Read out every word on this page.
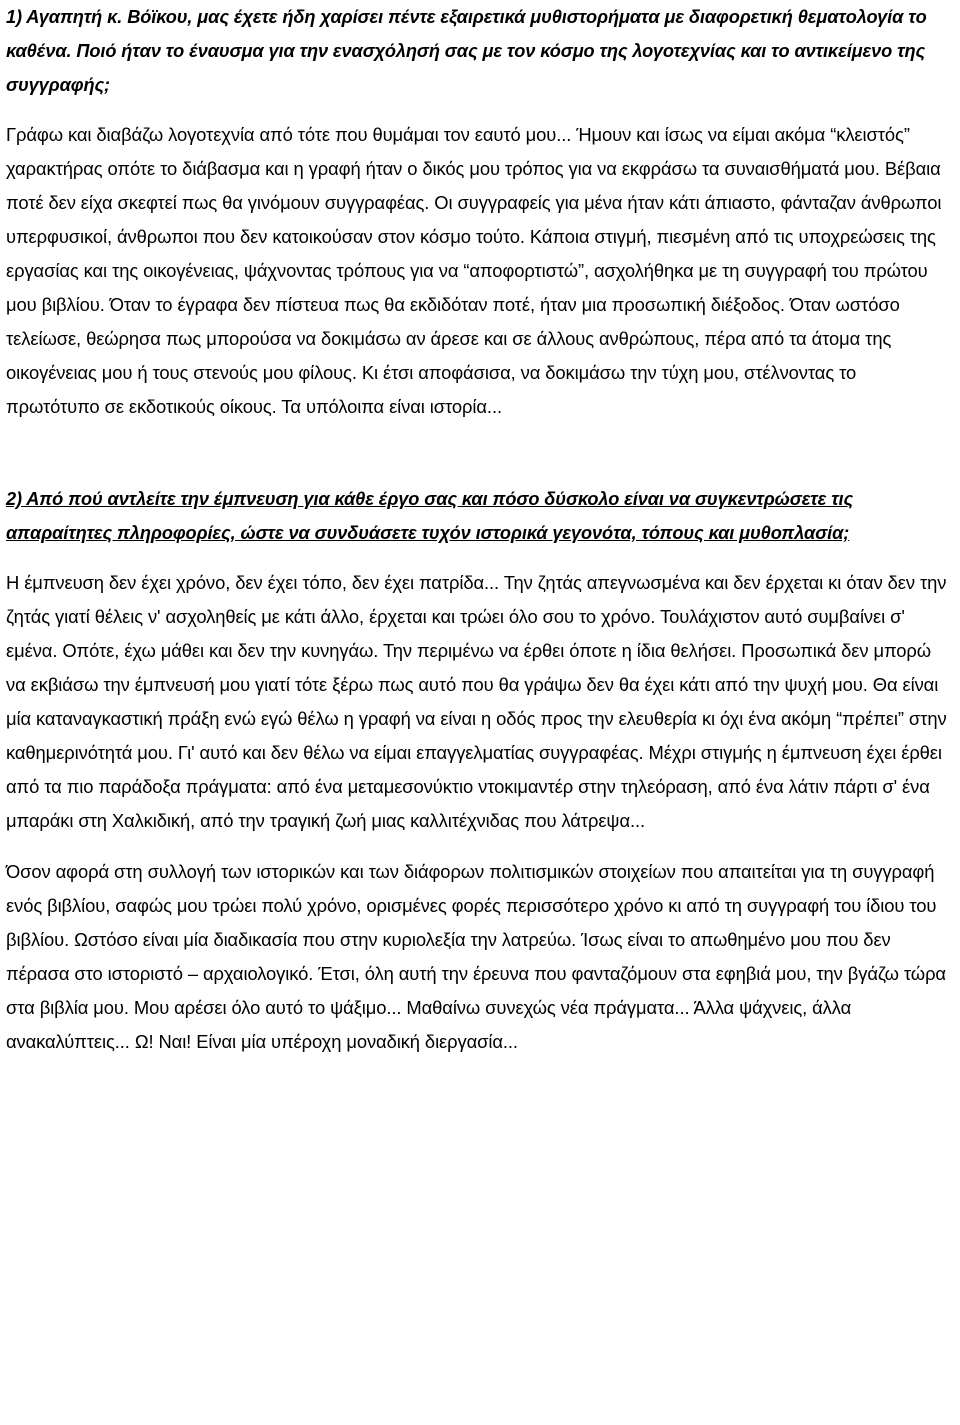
1) Αγαπητή κ. Βόϊκου, μας έχετε ήδη χαρίσει πέντε εξαιρετικά μυθιστορήματα με διαφορετική θεματολογία το καθένα. Ποιό ήταν το έναυσμα για την ενασχόλησή σας με τον κόσμο της λογοτεχνίας και το αντικείμενο της συγγραφής;

Γράφω και διαβάζω λογοτεχνία από τότε που θυμάμαι τον εαυτό μου... Ήμουν και ίσως να είμαι ακόμα “κλειστός” χαρακτήρας οπότε το διάβασμα και η γραφή ήταν ο δικός μου τρόπος για να εκφράσω τα συναισθήματά μου. Βέβαια ποτέ δεν είχα σκεφτεί πως θα γινόμουν συγγραφέας. Οι συγγραφείς για μένα ήταν κάτι άπιαστο, φάνταζαν άνθρωποι υπερφυσικοί, άνθρωποι που δεν κατοικούσαν στον κόσμο τούτο. Κάποια στιγμή, πιεσμένη από τις υποχρεώσεις της εργασίας και της οικογένειας, ψάχνοντας τρόπους για να “αποφορτιστώ”, ασχολήθηκα με τη συγγραφή του πρώτου μου βιβλίου. Όταν το έγραφα δεν πίστευα πως θα εκδιδόταν ποτέ, ήταν μια προσωπική διέξοδος. Όταν ωστόσο τελείωσε, θεώρησα πως μπορούσα να δοκιμάσω αν άρεσε και σε άλλους ανθρώπους, πέρα από τα άτομα της οικογένειας μου ή τους στενούς μου φίλους. Κι έτσι αποφάσισα, να δοκιμάσω την τύχη μου, στέλνοντας το πρωτότυπο σε εκδοτικούς οίκους. Τα υπόλοιπα είναι ιστορία...

2) Από πού αντλείτε την έμπνευση για κάθε έργο σας και πόσο δύσκολο είναι να συγκεντρώσετε τις απαραίτητες πληροφορίες, ώστε να συνδυάσετε τυχόν ιστορικά γεγονότα, τόπους και μυθοπλασία;

Η έμπνευση δεν έχει χρόνο, δεν έχει τόπο, δεν έχει πατρίδα... Την ζητάς απεγνωσμένα και δεν έρχεται κι όταν δεν την ζητάς γιατί θέλεις ν' ασχοληθείς με κάτι άλλο, έρχεται και τρώει όλο σου το χρόνο. Τουλάχιστον αυτό συμβαίνει σ' εμένα. Οπότε, έχω μάθει και δεν την κυνηγάω. Την περιμένω να έρθει όποτε η ίδια θελήσει. Προσωπικά δεν μπορώ να εκβιάσω την έμπνευσή μου γιατί τότε ξέρω πως αυτό που θα γράψω δεν θα έχει κάτι από την ψυχή μου. Θα είναι μία καταναγκαστική πράξη ενώ εγώ θέλω η γραφή να είναι η οδός προς την ελευθερία κι όχι ένα ακόμη “πρέπει” στην καθημερινότητά μου. Γι' αυτό και δεν θέλω να είμαι επαγγελματίας συγγραφέας. Μέχρι στιγμής η έμπνευση έχει έρθει από τα πιο παράδοξα πράγματα: από ένα μεταμεσονύκτιο ντοκιμαντέρ στην τηλεόραση, από ένα λάτιν πάρτι σ' ένα μπαράκι στη Χαλκιδική, από την τραγική ζωή μιας καλλιτέχνιδας που λάτρεψα...

Όσον αφορά στη συλλογή των ιστορικών και των διάφορων πολιτισμικών στοιχείων που απαιτείται για τη συγγραφή ενός βιβλίου, σαφώς μου τρώει πολύ χρόνο, ορισμένες φορές περισσότερο χρόνο κι από τη συγγραφή του ίδιου του βιβλίου. Ωστόσο είναι μία διαδικασία που στην κυριολεξία την λατρεύω. Ίσως είναι το απωθημένο μου που δεν πέρασα στο ιστοριστό – αρχαιολογικό. Έτσι, όλη αυτή την έρευνα που φανταζόμουν στα εφηβιά μου, την βγάζω τώρα στα βιβλία μου. Μου αρέσει όλο αυτό το ψάξιμο... Μαθαίνω συνεχώς νέα πράγματα... Άλλα ψάχνεις, άλλα ανακαλύπτεις... Ω! Ναι! Είναι μία υπέροχη μοναδική διεργασία...
